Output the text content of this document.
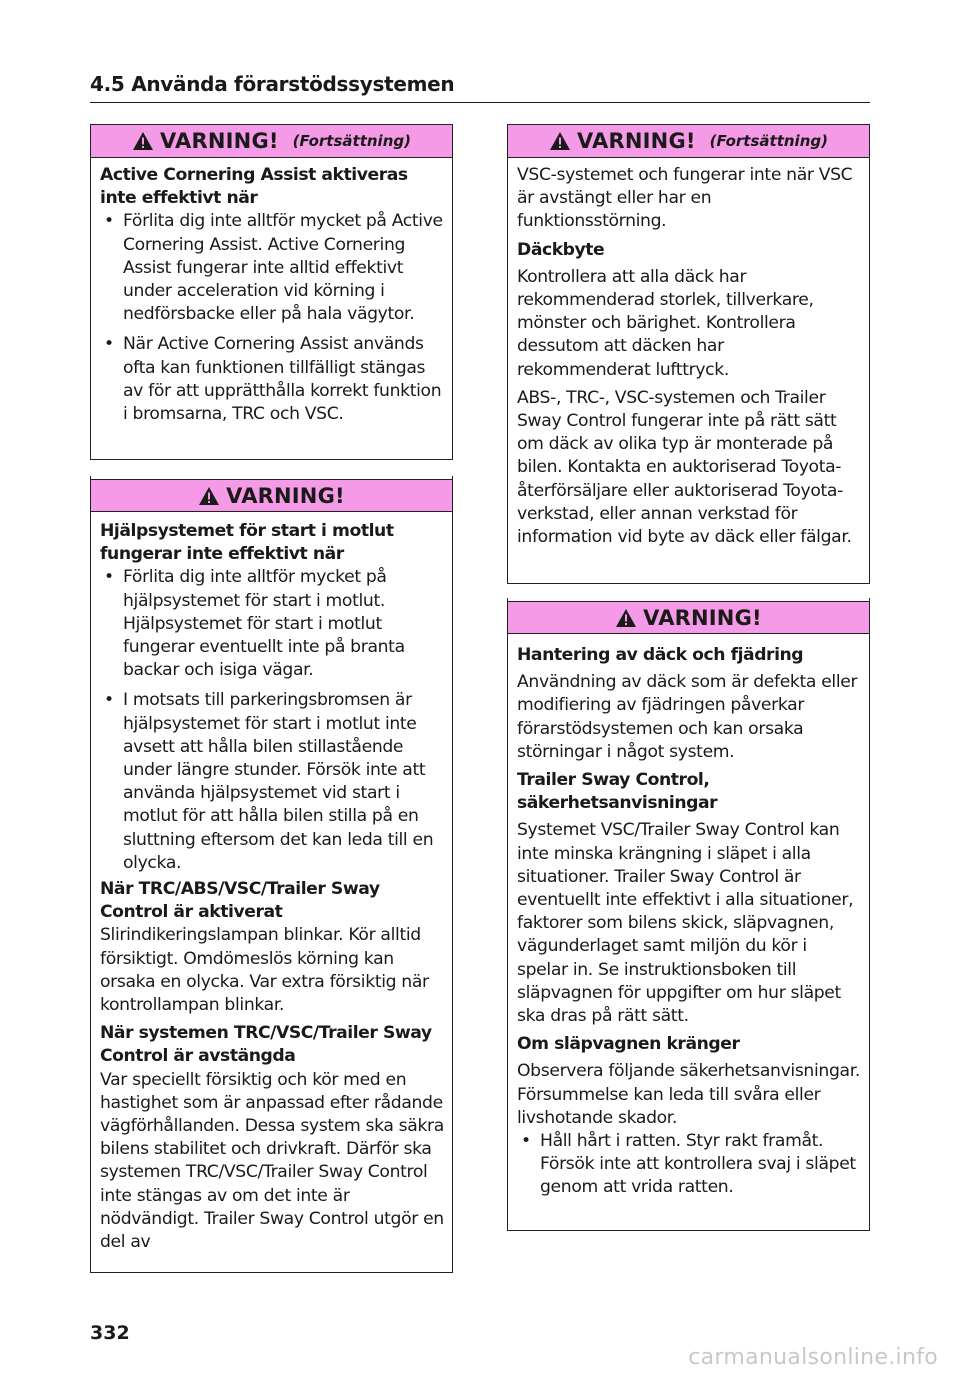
4.5 Använda förarstödssystemen
VARNING! (Fortsättning)
Active Cornering Assist aktiveras inte effektivt när
• Förlita dig inte alltför mycket på Active Cornering Assist. Active Cornering Assist fungerar inte alltid effektivt under acceleration vid körning i nedförsbacke eller på hala vägytor.
• När Active Cornering Assist används ofta kan funktionen tillfälligt stängas av för att upprätthålla korrekt funktion i bromsarna, TRC och VSC.
VARNING!
Hjälpsystemet för start i motlut fungerar inte effektivt när
• Förlita dig inte alltför mycket på hjälpsystemet för start i motlut. Hjälpsystemet för start i motlut fungerar eventuellt inte på branta backar och isiga vägar.
• I motsats till parkeringsbromsen är hjälpsystemet för start i motlut inte avsett att hålla bilen stillastående under längre stunder. Försök inte att använda hjälpsystemet vid start i motlut för att hålla bilen stilla på en sluttning eftersom det kan leda till en olycka.
När TRC/ABS/VSC/Trailer Sway Control är aktiverat
Slirindikeringslampan blinkar. Kör alltid försiktigt. Omdömeslös körning kan orsaka en olycka. Var extra försiktig när kontrollampan blinkar.
När systemen TRC/VSC/Trailer Sway Control är avstängda
Var speciellt försiktig och kör med en hastighet som är anpassad efter rådande vägförhållanden. Dessa system ska säkra bilens stabilitet och drivkraft. Därför ska systemen TRC/VSC/Trailer Sway Control inte stängas av om det inte är nödvändigt. Trailer Sway Control utgör en del av
VARNING! (Fortsättning)
VSC-systemet och fungerar inte när VSC är avstängt eller har en funktionsstörning.
Däckbyte
Kontrollera att alla däck har rekommenderad storlek, tillverkare, mönster och bärighet. Kontrollera dessutom att däcken har rekommenderat lufttryck.
ABS-, TRC-, VSC-systemen och Trailer Sway Control fungerar inte på rätt sätt om däck av olika typ är monterade på bilen. Kontakta en auktoriserad Toyota-återförsäljare eller auktoriserad Toyota-verkstad, eller annan verkstad för information vid byte av däck eller fälgar.
VARNING!
Hantering av däck och fjädring
Användning av däck som är defekta eller modifiering av fjädringen påverkar förarstödsystemen och kan orsaka störningar i något system.
Trailer Sway Control, säkerhetsanvisningar
Systemet VSC/Trailer Sway Control kan inte minska krängning i släpet i alla situationer. Trailer Sway Control är eventuellt inte effektivt i alla situationer, faktorer som bilens skick, släpvagnen, vägunderlaget samt miljön du kör i spelar in. Se instruktionsboken till släpvagnen för uppgifter om hur släpet ska dras på rätt sätt.
Om släpvagnen kränger
Observera följande säkerhetsanvisningar. Försummelse kan leda till svåra eller livshotande skador.
• Håll hårt i ratten. Styr rakt framåt. Försök inte att kontrollera svaj i släpet genom att vrida ratten.
332
carmanualsonline.info
